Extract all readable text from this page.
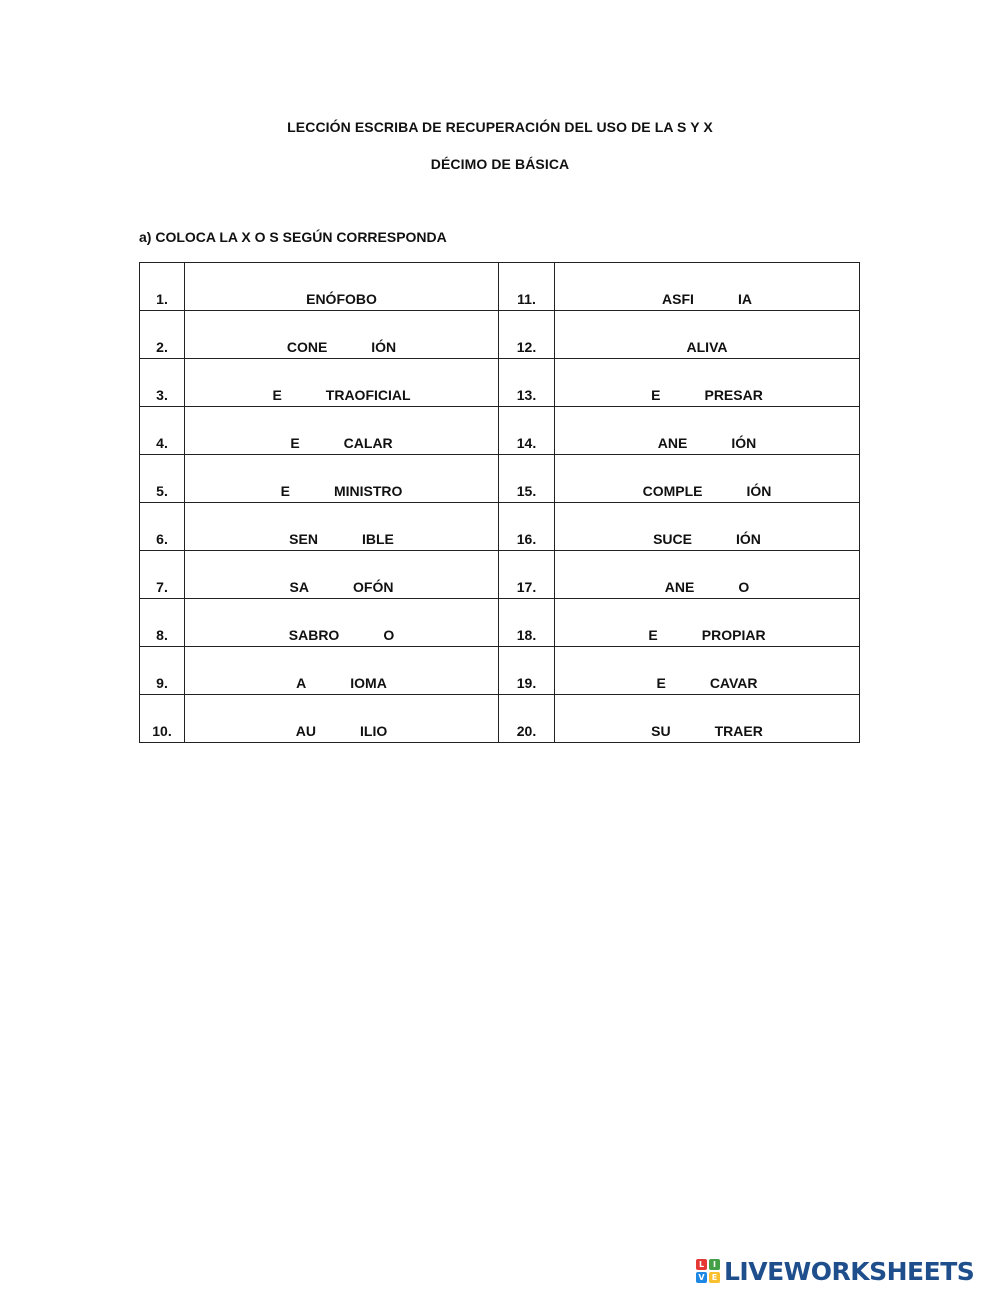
LECCIÓN ESCRIBA DE RECUPERACIÓN DEL USO DE LA S Y X
DÉCIMO DE BÁSICA
a) COLOCA LA X O S SEGÚN CORRESPONDA
1.	ENÓFOBO	11.	ASFI IA
2.	CONE IÓN	12.	ALIVA
3.	E TRAOFICIAL	13.	E PRESAR
4.	E CALAR	14.	ANE IÓN
5.	E MINISTRO	15.	COMPLE IÓN
6.	SEN IBLE	16.	SUCE IÓN
7.	SA OFÓN	17.	ANE O
8.	SABRO O	18.	E PROPIAR
9.	A IOMA	19.	E CAVAR
10.	AU ILIO	20.	SU TRAER
L	I
V E LIVEWORKSHEETS
